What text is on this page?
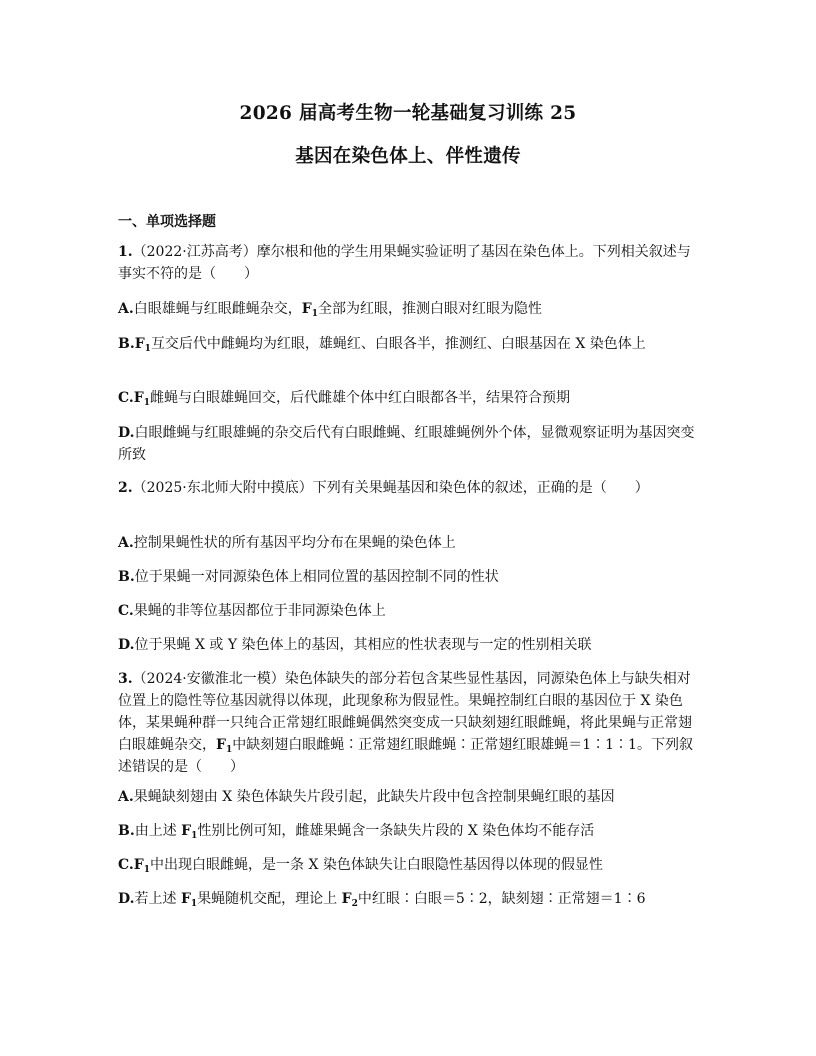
2026 届高考生物一轮基础复习训练 25
基因在染色体上、伴性遗传
一、单项选择题
1.（2022·江苏高考）摩尔根和他的学生用果蝇实验证明了基因在染色体上。下列相关叙述与事实不符的是（　　）
A.白眼雄蝇与红眼雌蝇杂交，$F_1$全部为红眼，推测白眼对红眼为隐性
$B.F_1$互交后代中雌蝇均为红眼，雄蝇红、白眼各半，推测红、白眼基因在 X 染色体上
$C.F_1$雌蝇与白眼雄蝇回交，后代雌雄个体中红白眼都各半，结果符合预期
D.白眼雌蝇与红眼雄蝇的杂交后代有白眼雌蝇、红眼雄蝇例外个体，显微观察证明为基因突变所致
2.（2025·东北师大附中摸底）下列有关果蝇基因和染色体的叙述，正确的是（　　）
A.控制果蝇性状的所有基因平均分布在果蝇的染色体上
B.位于果蝇一对同源染色体上相同位置的基因控制不同的性状
C.果蝇的非等位基因都位于非同源染色体上
D.位于果蝇 X 或 Y 染色体上的基因，其相应的性状表现与一定的性别相关联
3.（2024·安徽淮北一模）染色体缺失的部分若包含某些显性基因，同源染色体上与缺失相对位置上的隐性等位基因就得以体现，此现象称为假显性。果蝇控制红白眼的基因位于 X 染色体，某果蝇种群一只纯合正常翅红眼雌蝇偶然突变成一只缺刻翅红眼雌蝇，将此果蝇与正常翅白眼雄蝇杂交，$F_1$中缺刻翅白眼雌蝇∶正常翅红眼雌蝇∶正常翅红眼雄蝇＝1∶1∶1。下列叙述错误的是（　　）
A.果蝇缺刻翅由 X 染色体缺失片段引起，此缺失片段中包含控制果蝇红眼的基因
B.由上述 $F_1$性别比例可知，雌雄果蝇含一条缺失片段的 X 染色体均不能存活
$C.F_1$中出现白眼雌蝇，是一条 X 染色体缺失让白眼隐性基因得以体现的假显性
D.若上述 $F_1$果蝇随机交配，理论上 $F_2$中红眼∶白眼＝5∶2，缺刻翅∶正常翅＝1∶6
